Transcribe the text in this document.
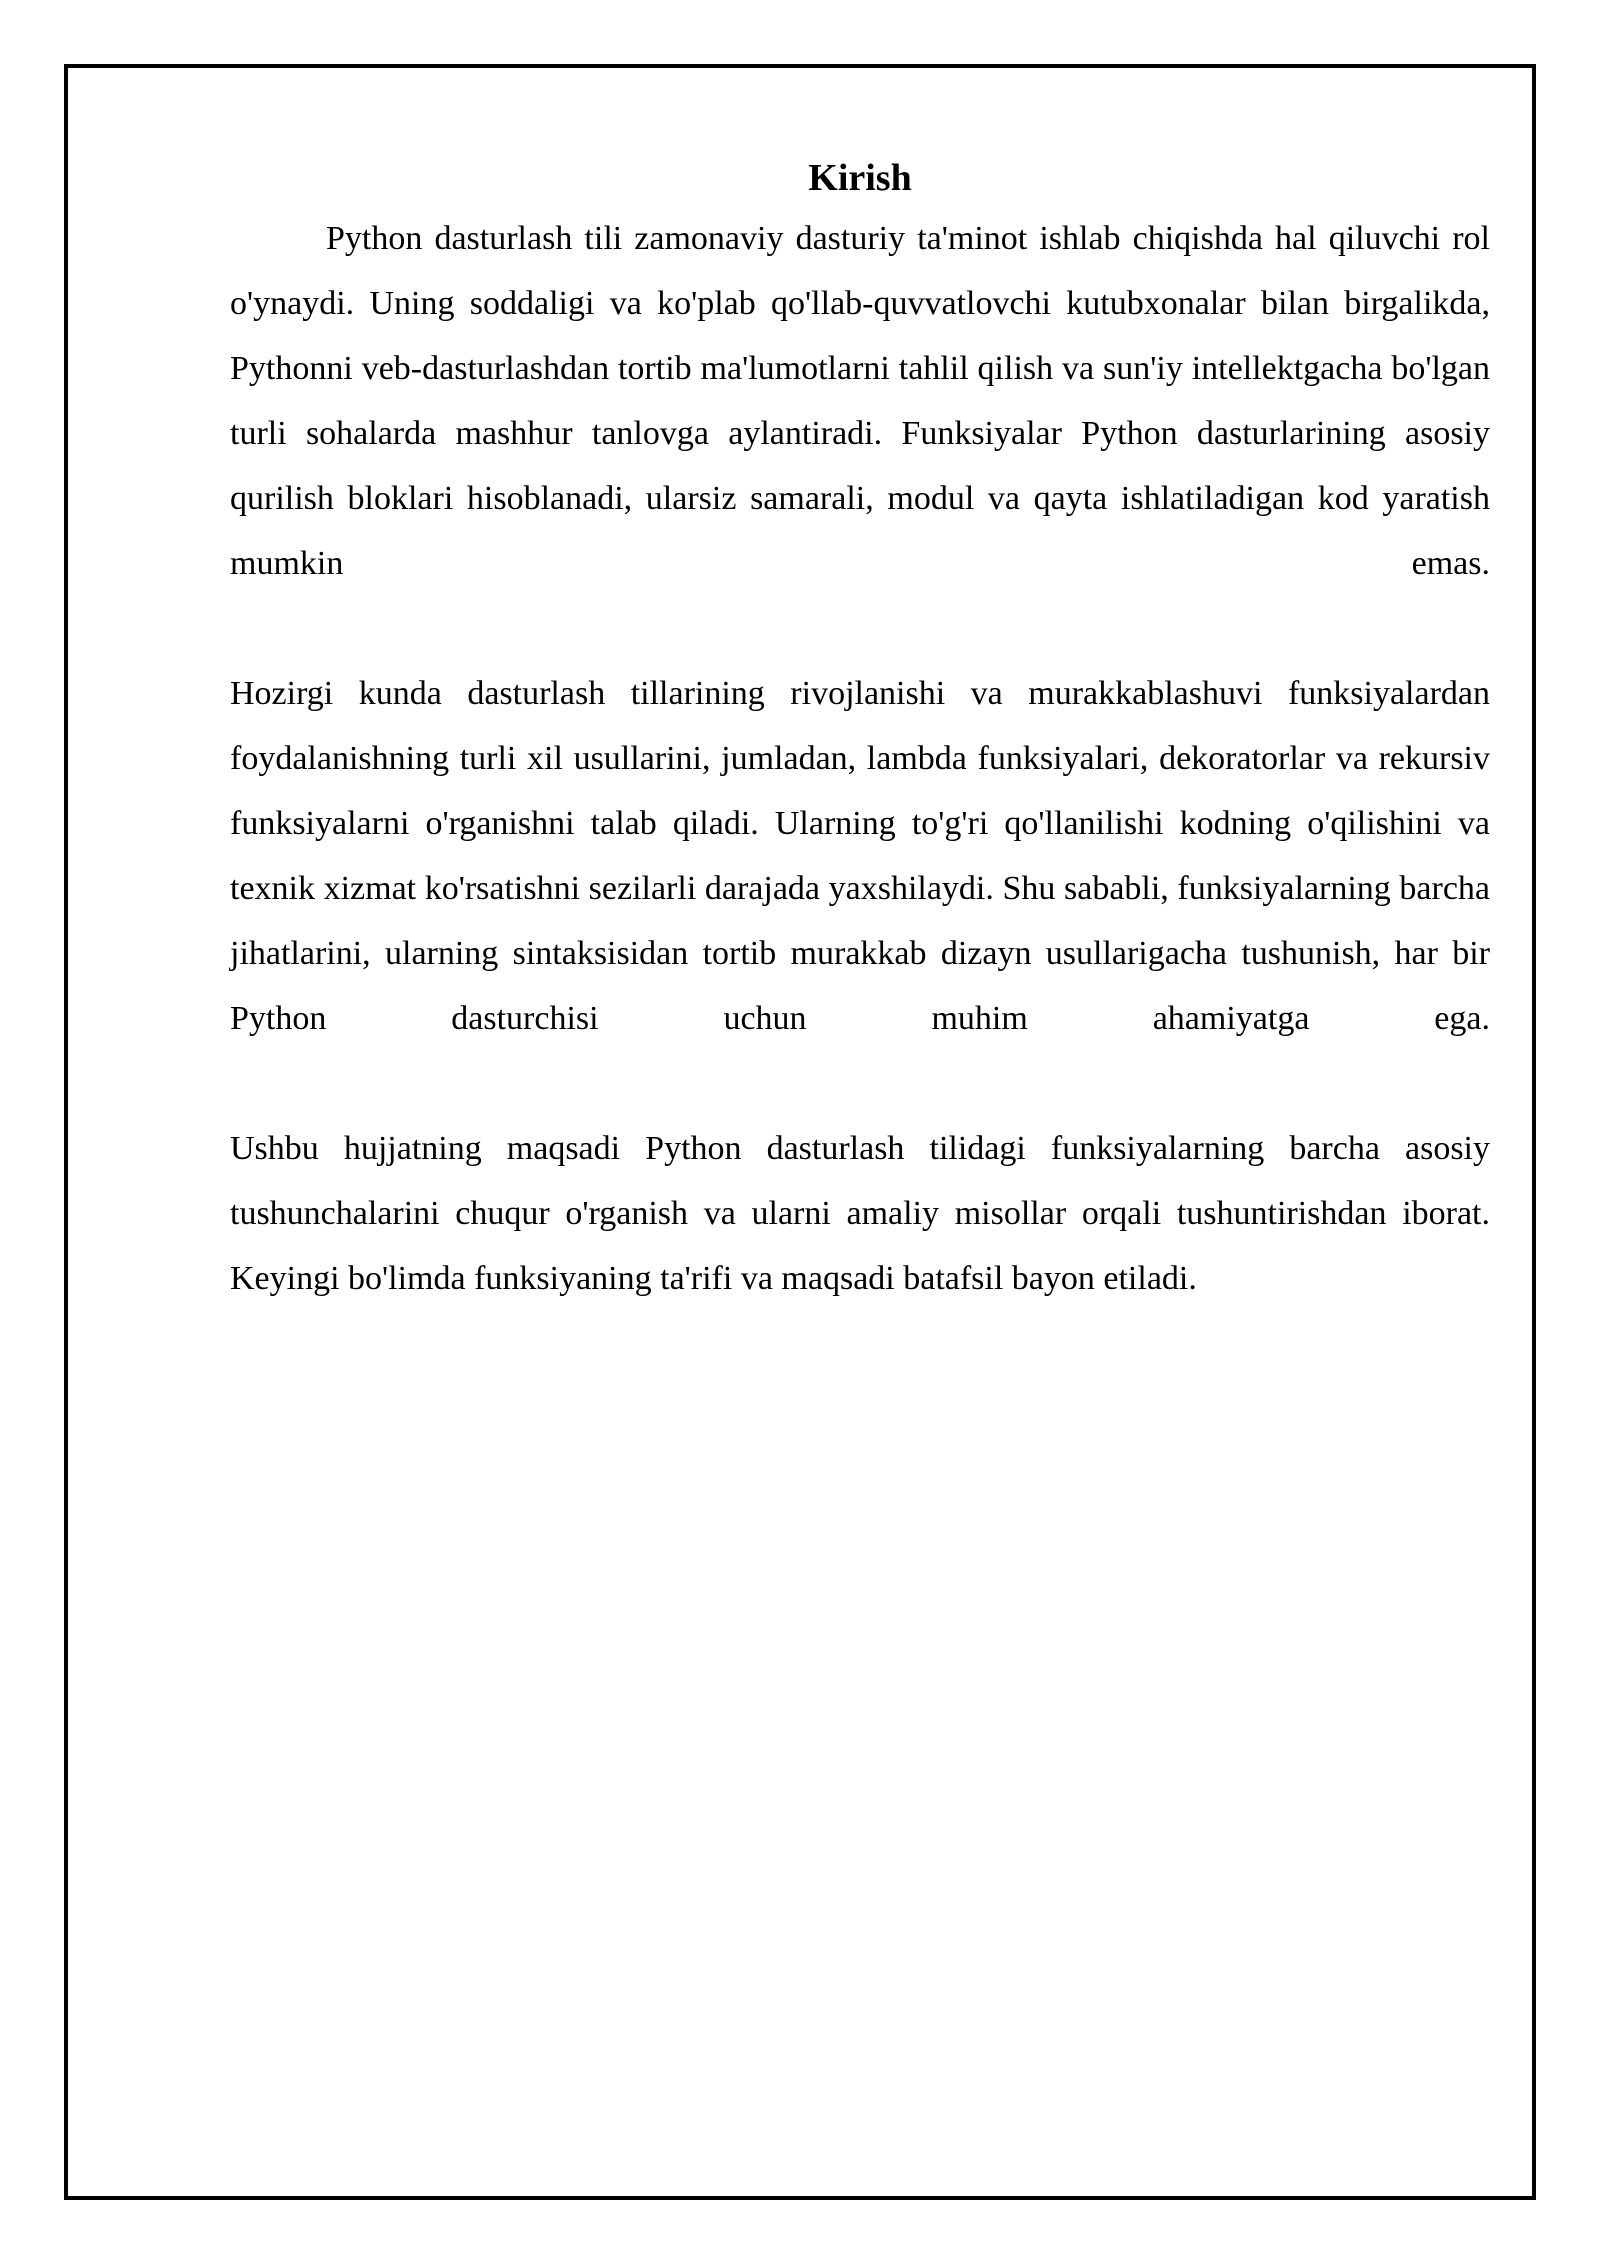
Kirish

Python dasturlash tili zamonaviy dasturiy ta'minot ishlab chiqishda hal qiluvchi rol o'ynaydi. Uning soddaligi va ko'plab qo'llab-quvvatlovchi kutubxonalar bilan birgalikda, Pythonni veb-dasturlashdan tortib ma'lumotlarni tahlil qilish va sun'iy intellektgacha bo'lgan turli sohalarda mashhur tanlovga aylantiradi. Funksiyalar Python dasturlarining asosiy qurilish bloklari hisoblanadi, ularsiz samarali, modul va qayta ishlatiladigan kod yaratish mumkin emas.

Hozirgi kunda dasturlash tillarining rivojlanishi va murakkablashuvi funksiyalardan foydalanishning turli xil usullarini, jumladan, lambda funksiyalari, dekoratorlar va rekursiv funksiyalarni o'rganishni talab qiladi. Ularning to'g'ri qo'llanilishi kodning o'qilishini va texnik xizmat ko'rsatishni sezilarli darajada yaxshilaydi. Shu sababli, funksiyalarning barcha jihatlarini, ularning sintaksisidan tortib murakkab dizayn usullarigacha tushunish, har bir Python dasturchisi uchun muhim ahamiyatga ega.

Ushbu hujjatning maqsadi Python dasturlash tilidagi funksiyalarning barcha asosiy tushunchalarini chuqur o'rganish va ularni amaliy misollar orqali tushuntirishdan iborat. Keyingi bo'limda funksiyaning ta'rifi va maqsadi batafsil bayon etiladi.
